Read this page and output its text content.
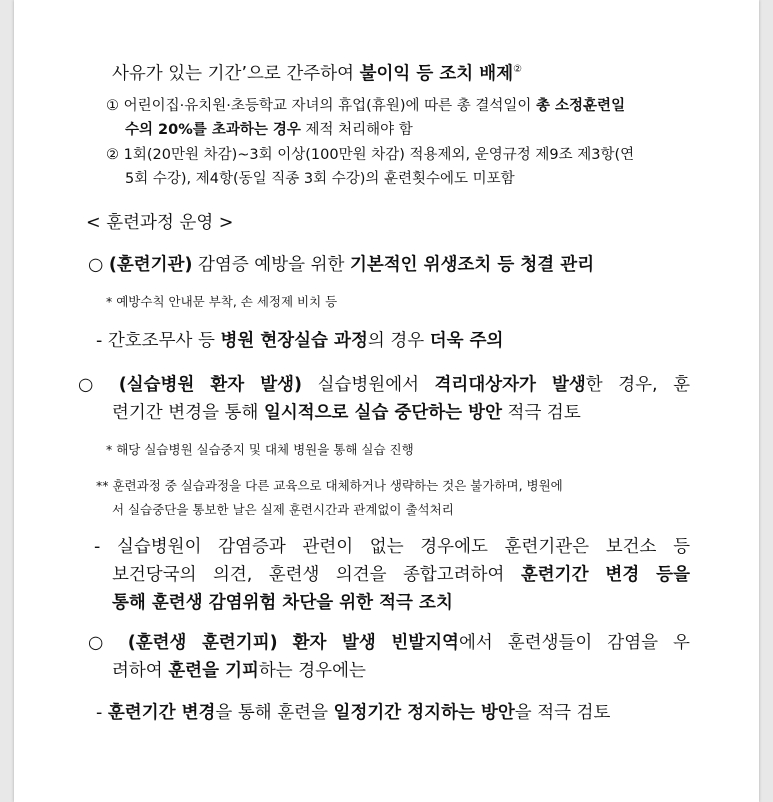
사유가 있는 기간’으로 간주하여 불이익 등 조치 배제②
① 어린이집·유치원·초등학교 자녀의 휴업(휴원)에 따른 총 결석일이 총 소정훈련일
수의 20%를 초과하는 경우 제적 처리해야 함
② 1회(20만원 차감)~3회 이상(100만원 차감) 적용제외, 운영규정 제9조 제3항(연
5회 수강), 제4항(동일 직종 3회 수강)의 훈련횟수에도 미포함
< 훈련과정 운영 >
○ (훈련기관) 감염증 예방을 위한 기본적인 위생조치 등 청결 관리
* 예방수칙 안내문 부착, 손 세정제 비치 등
- 간호조무사 등 병원 현장실습 과정의 경우 더욱 주의
○ (실습병원 환자 발생) 실습병원에서 격리대상자가 발생한 경우, 훈
련기간 변경을 통해 일시적으로 실습 중단하는 방안 적극 검토
* 해당 실습병원 실습중지 및 대체 병원을 통해 실습 진행
** 훈련과정 중 실습과정을 다른 교육으로 대체하거나 생략하는 것은 불가하며, 병원에
서 실습중단을 통보한 날은 실제 훈련시간과 관계없이 출석처리
- 실습병원이 감염증과 관련이 없는 경우에도 훈련기관은 보건소 등
보건당국의 의견, 훈련생 의견을 종합고려하여 훈련기간 변경 등을
통해 훈련생 감염위험 차단을 위한 적극 조치
○ (훈련생 훈련기피) 환자 발생 빈발지역에서 훈련생들이 감염을 우
려하여 훈련을 기피하는 경우에는
- 훈련기간 변경을 통해 훈련을 일정기간 정지하는 방안을 적극 검토
